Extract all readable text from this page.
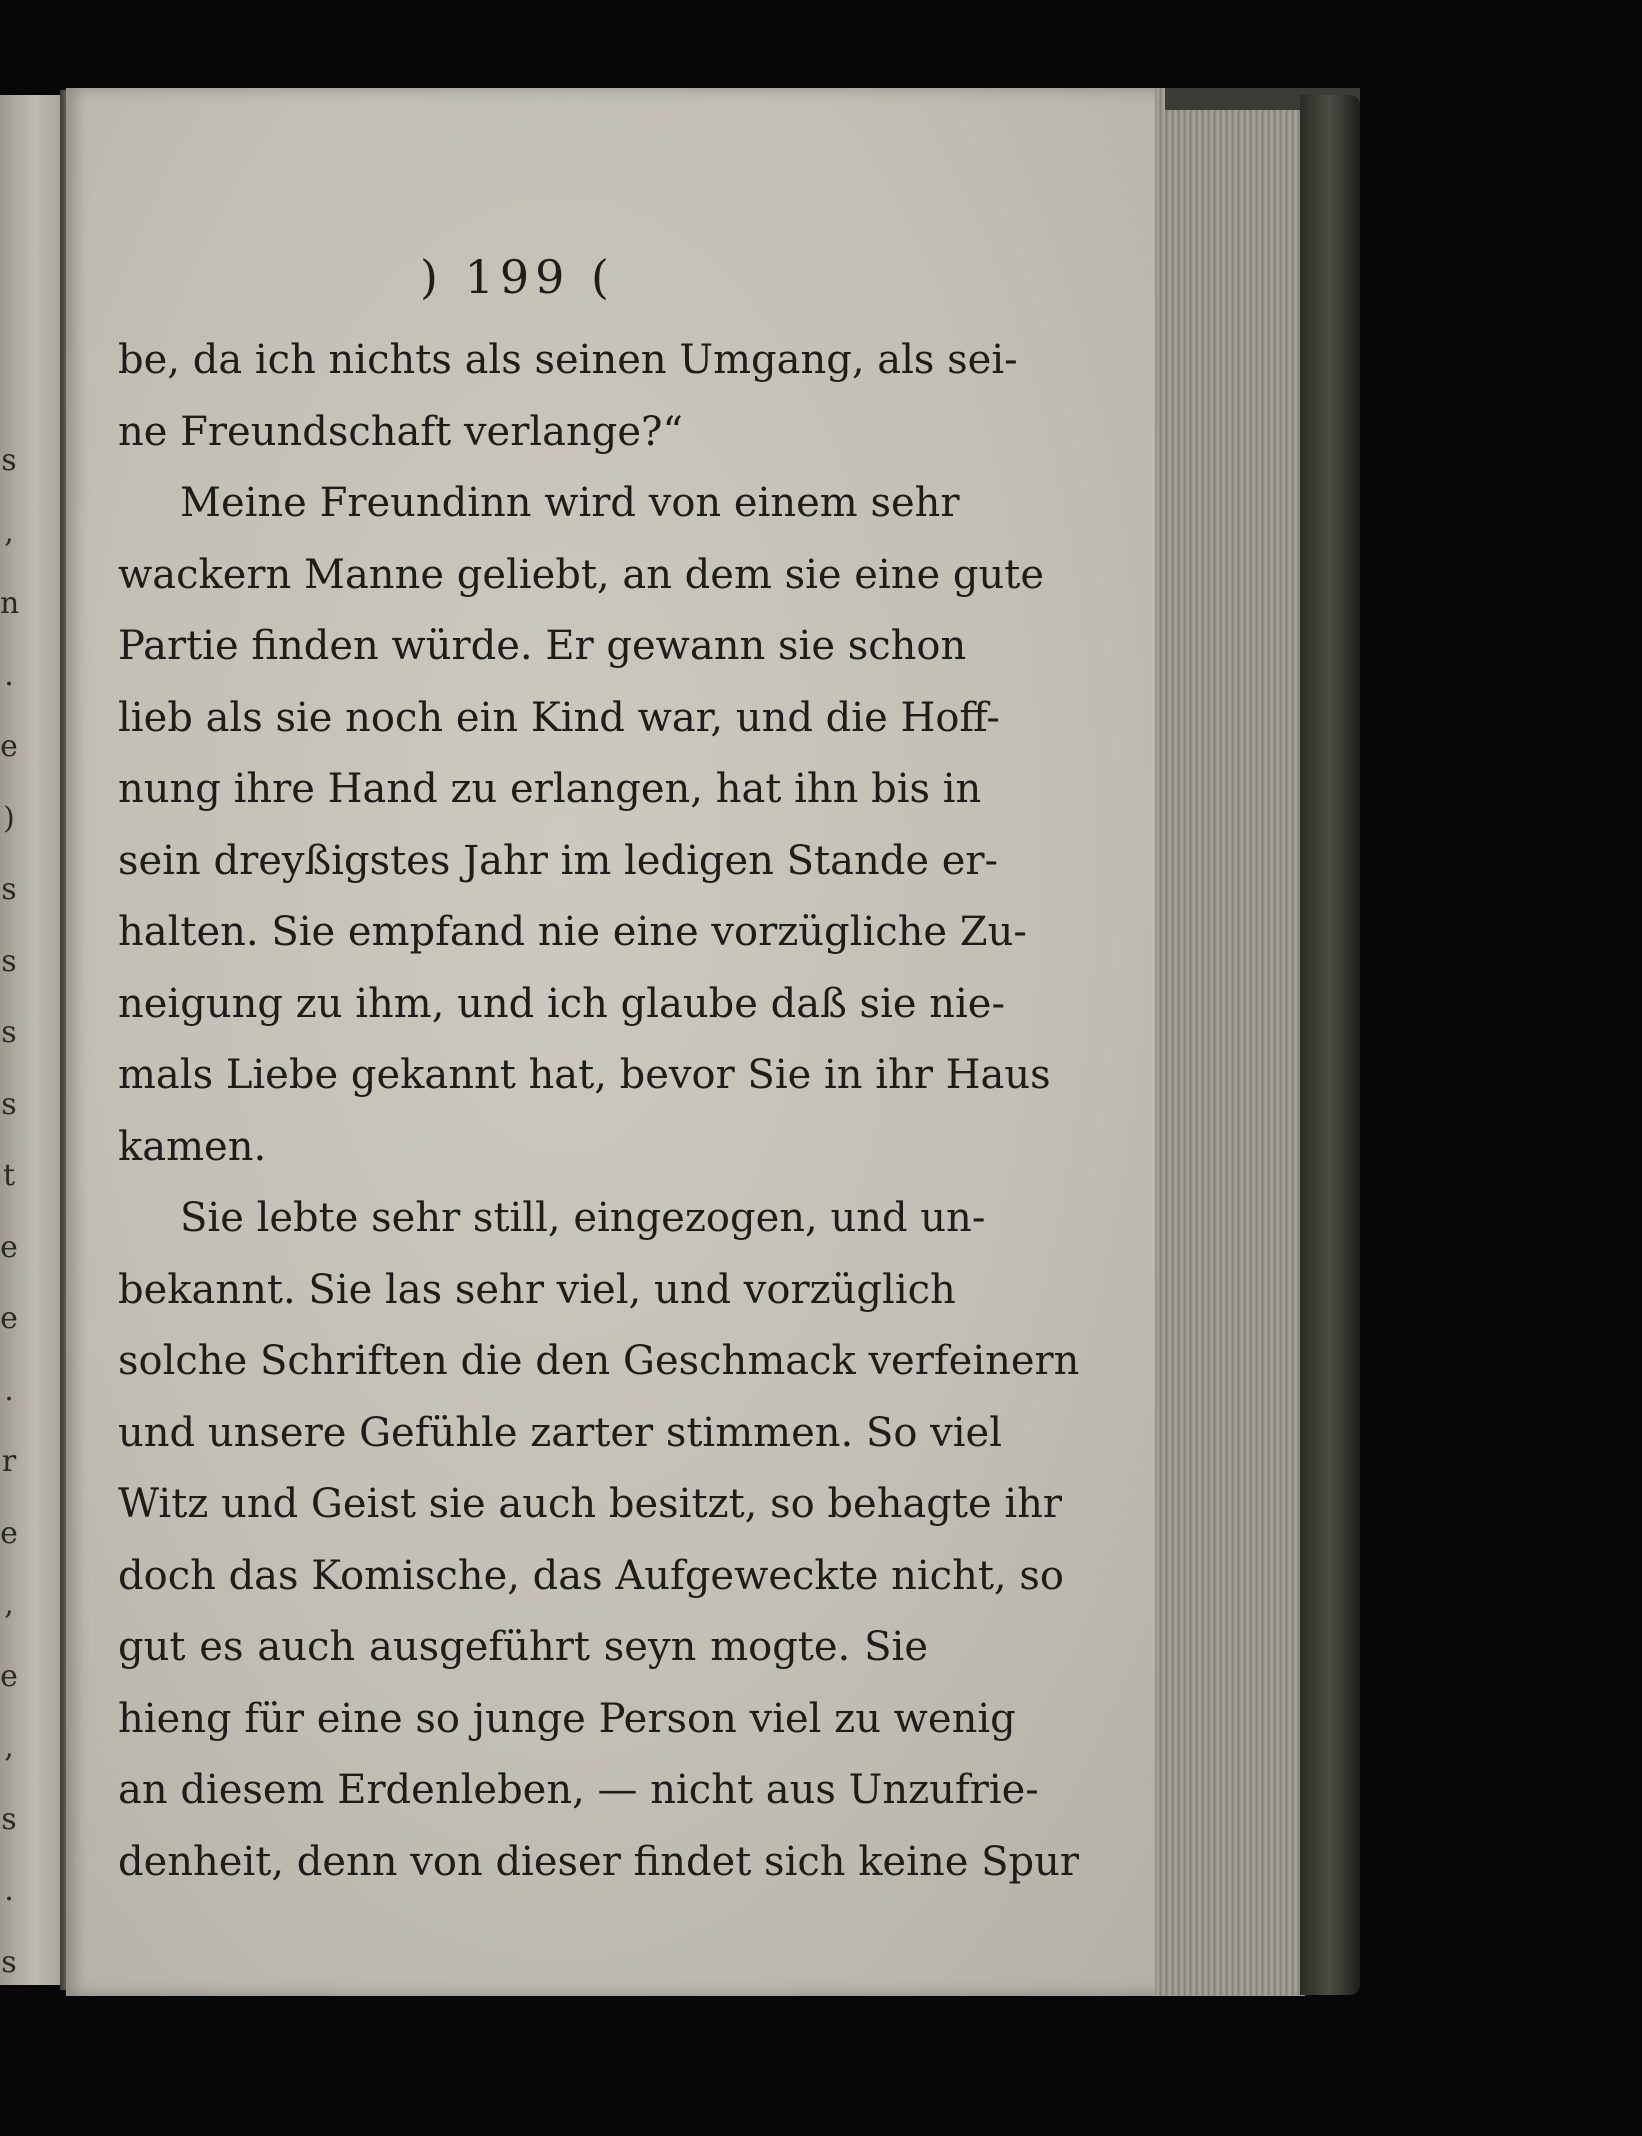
s
,
n
.
e
)
s
s
s
s
t
e
e
.
r
e
,
e
,
s
.
s
) 199 (
be, da ich nichts als seinen Umgang, als sei-
ne Freundschaft verlange?“
Meine Freundinn wird von einem sehr
wackern Manne geliebt, an dem sie eine gute
Partie finden würde. Er gewann sie schon
lieb als sie noch ein Kind war, und die Hoff-
nung ihre Hand zu erlangen, hat ihn bis in
sein dreyßigstes Jahr im ledigen Stande er-
halten. Sie empfand nie eine vorzügliche Zu-
neigung zu ihm, und ich glaube daß sie nie-
mals Liebe gekannt hat, bevor Sie in ihr Haus
kamen.
Sie lebte sehr still, eingezogen, und un-
bekannt. Sie las sehr viel, und vorzüglich
solche Schriften die den Geschmack verfeinern
und unsere Gefühle zarter stimmen. So viel
Witz und Geist sie auch besitzt, so behagte ihr
doch das Komische, das Aufgeweckte nicht, so
gut es auch ausgeführt seyn mogte. Sie
hieng für eine so junge Person viel zu wenig
an diesem Erdenleben, — nicht aus Unzufrie-
denheit, denn von dieser findet sich keine Spur
